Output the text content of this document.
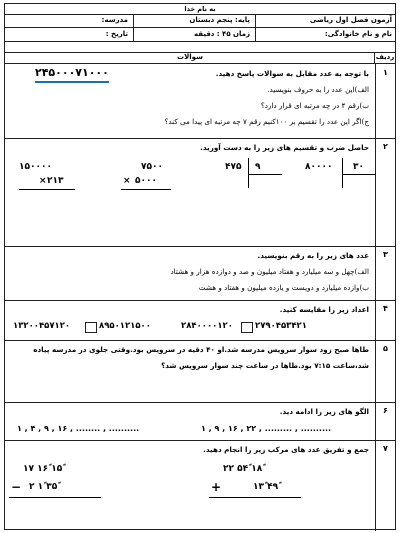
به نام خدا
آزمون فصل اول ریاضی
پایه: پنجم دبستان
مدرسه:
نام و نام خانوادگی:
زمان ۴۵ : دقیقه
تاریخ :
ردیف
سوالات
۱
با توجه به عدد مقابل به سوالات پاسخ دهید.
الف)این عدد را به حروف بنویسید.
ب)رقم ۴ در چه مرتبه ای قرار دارد؟
ج)اگر این عدد را تقسیم بر ۱۰۰کنیم رقم ۷ چه مرتبه ای پیدا می کند؟
۲۴۵۰۰۰۷۱۰۰۰
۲
حاصل ضرب و تقسیم های زیر را به دست آورید.
۸۰۰۰۰ ۳۰
۴۷۵ ۹
۷۵۰۰
× ۵۰۰۰
۱۵۰۰۰۰
× ۲۱۳
۳
عدد های زیر را به رقم بنویسید.
الف)چهل و سه میلیارد و هفتاد میلیون و صد و دوازده هزار و هشتاد
ب)وازده میلیارد و دویست و یازده میلیون و هفتاد و هشت
۴
اعداد زیر را مقایسه کنید.
۲۷۹۰۴۵۳۴۲۱
۲۸۴۰۰۰۰۱۲۰
۸۹۵۰۱۲۱۵۰۰
۱۳۲۰۰۴۵۷۱۲۰
۵
طاها صبح زود سوار سرویس مدرسه شد.او ۴۰ دقیه در سرویس بود.وقتی جلوی در مدرسه پیاده
شد،ساعت ۷:۱۵ بود.طاها در ساعت چند سوار سرویس شد؟
۶
الگو های زیر را ادامه دید.
۱ , ۹ , ۱۶ , ۲۲ , ......... , ..........
۱ , ۴ , ۹ , ۱۶ , ........ , ..........
۷
جمع و تفریق عدد های مرکب زیر را انجام دهید.
۲۲ ۵۴ً ۱۸ً
+	۱۳ً ۴۹ً
۱۷ ۱۶ً ۱۵ً
− ۲ ۱ً ۳۵ً
